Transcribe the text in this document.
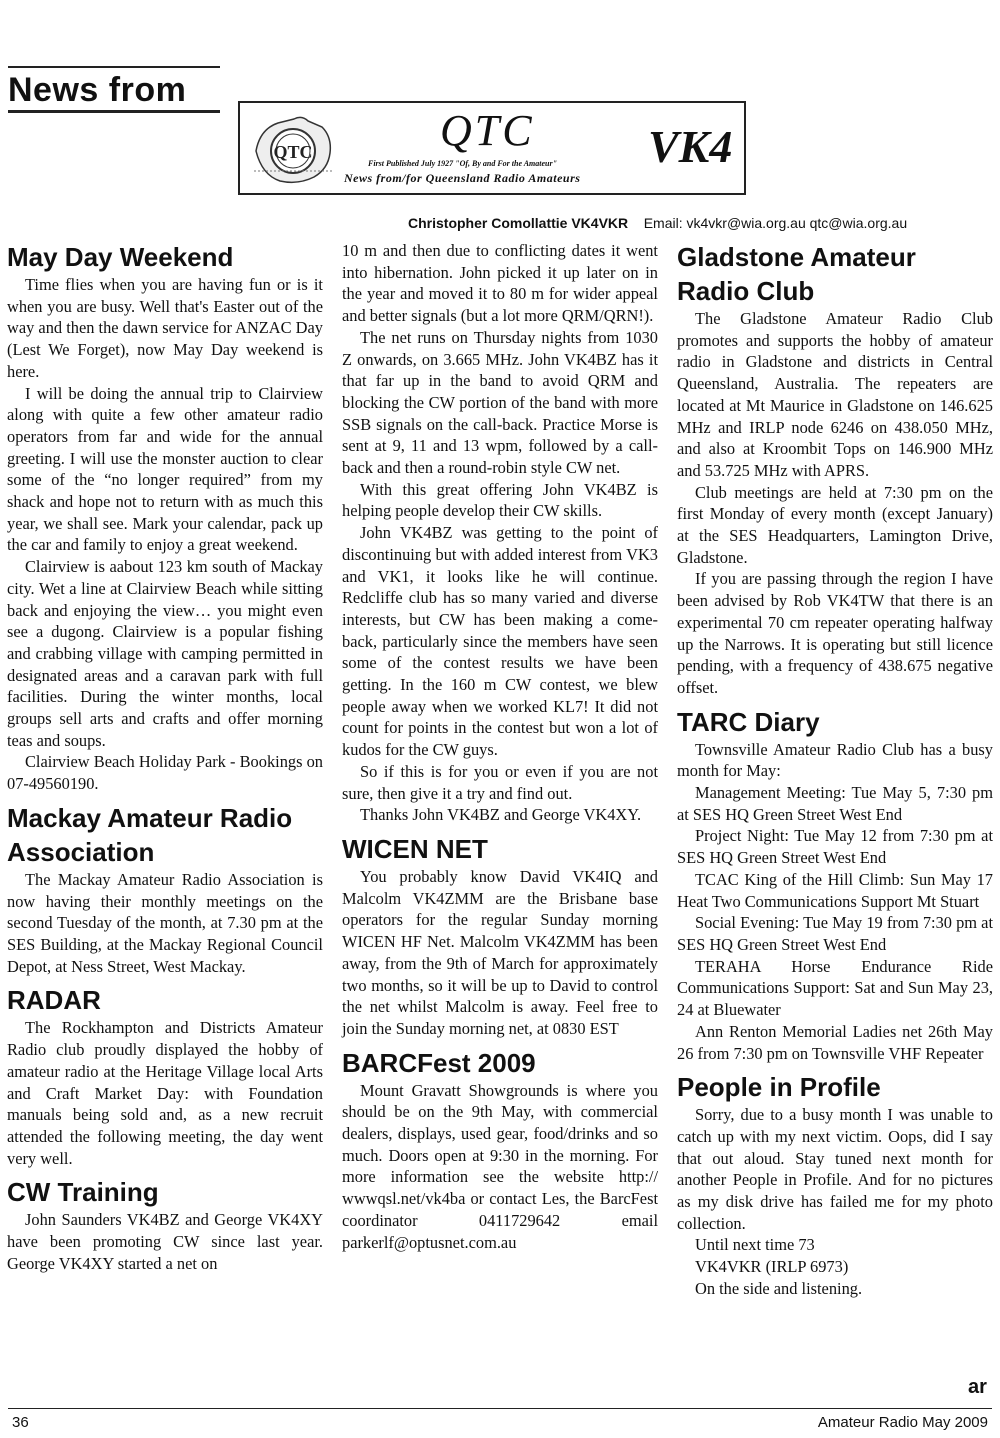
News from
QTC	QTC
First Published July 1927 "Of, By and For the Amateur"
News from/for Queensland Radio Amateurs
VK4
Christopher Comollattie VK4VKR Email: vk4vkr@wia.org.au qtc@wia.org.au
May Day Weekend

Time flies when you are having fun or is it when you are busy. Well that's Easter out of the way and then the dawn service for ANZAC Day (Lest We Forget), now May Day weekend is here.

I will be doing the annual trip to Clairview along with quite a few other amateur radio operators from far and wide for the annual greeting. I will use the monster auction to clear some of the “no longer required” from my shack and hope not to return with as much this year, we shall see. Mark your calendar, pack up the car and family to enjoy a great weekend.

Clairview is aabout 123 km south of Mackay city. Wet a line at Clairview Beach while sitting back and enjoying the view… you might even see a dugong. Clairview is a popular fishing and crabbing village with camping permitted in designated areas and a caravan park with full facilities. During the winter months, local groups sell arts and crafts and offer morning teas and soups.

Clairview Beach Holiday Park - Bookings on 07-49560190.

Mackay Amateur Radio Association

The Mackay Amateur Radio Association is now having their monthly meetings on the second Tuesday of the month, at 7.30 pm at the SES Building, at the Mackay Regional Council Depot, at Ness Street, West Mackay.

RADAR

The Rockhampton and Districts Amateur Radio club proudly displayed the hobby of amateur radio at the Heritage Village local Arts and Craft Market Day: with Foundation manuals being sold and, as a new recruit attended the following meeting, the day went very well.

CW Training

John Saunders VK4BZ and George VK4XY have been promoting CW since last year. George VK4XY started a net on

10 m and then due to conflicting dates it went into hibernation. John picked it up later on in the year and moved it to 80 m for wider appeal and better signals (but a lot more QRM/QRN!).

The net runs on Thursday nights from 1030 Z onwards, on 3.665 MHz. John VK4BZ has it that far up in the band to avoid QRM and blocking the CW portion of the band with more SSB signals on the call-back. Practice Morse is sent at 9, 11 and 13 wpm, followed by a call-back and then a round-robin style CW net.

With this great offering John VK4BZ is helping people develop their CW skills.

John VK4BZ was getting to the point of discontinuing but with added interest from VK3 and VK1, it looks like he will continue. Redcliffe club has so many varied and diverse interests, but CW has been making a come-back, particularly since the members have seen some of the contest results we have been getting. In the 160 m CW contest, we blew people away when we worked KL7! It did not count for points in the contest but won a lot of kudos for the CW guys.

So if this is for you or even if you are not sure, then give it a try and find out.

Thanks John VK4BZ and George VK4XY.

WICEN NET

You probably know David VK4IQ and Malcolm VK4ZMM are the Brisbane base operators for the regular Sunday morning WICEN HF Net. Malcolm VK4ZMM has been away, from the 9th of March for approximately two months, so it will be up to David to control the net whilst Malcolm is away. Feel free to join the Sunday morning net, at 0830 EST

BARCFest 2009

Mount Gravatt Showgrounds is where you should be on the 9th May, with commercial dealers, displays, used gear, food/drinks and so much. Doors open at 9:30 in the morning. For more information see the website http:// wwwqsl.net/vk4ba or contact Les, the BarcFest coordinator 0411729642 email parkerlf@optusnet.com.au

Gladstone Amateur Radio Club

The Gladstone Amateur Radio Club promotes and supports the hobby of amateur radio in Gladstone and districts in Central Queensland, Australia. The repeaters are located at Mt Maurice in Gladstone on 146.625 MHz and IRLP node 6246 on 438.050 MHz, and also at Kroombit Tops on 146.900 MHz and 53.725 MHz with APRS.

Club meetings are held at 7:30 pm on the first Monday of every month (except January) at the SES Headquarters, Lamington Drive, Gladstone.

If you are passing through the region I have been advised by Rob VK4TW that there is an experimental 70 cm repeater operating halfway up the Narrows. It is operating but still licence pending, with a frequency of 438.675 negative offset.

TARC Diary

Townsville Amateur Radio Club has a busy month for May:

Management Meeting: Tue May 5, 7:30 pm at SES HQ Green Street West End

Project Night: Tue May 12 from 7:30 pm at SES HQ Green Street West End

TCAC King of the Hill Climb: Sun May 17 Heat Two Communications Support Mt Stuart

Social Evening: Tue May 19 from 7:30 pm at SES HQ Green Street West End

TERAHA Horse Endurance Ride Communications Support: Sat and Sun May 23, 24 at Bluewater

Ann Renton Memorial Ladies net 26th May 26 from 7:30 pm on Townsville VHF Repeater

People in Profile

Sorry, due to a busy month I was unable to catch up with my next victim. Oops, did I say that out aloud. Stay tuned next month for another People in Profile. And for no pictures as my disk drive has failed me for my photo collection.

Until next time 73

VK4VKR (IRLP 6973)

On the side and listening.

ar
36	Amateur Radio May 2009
